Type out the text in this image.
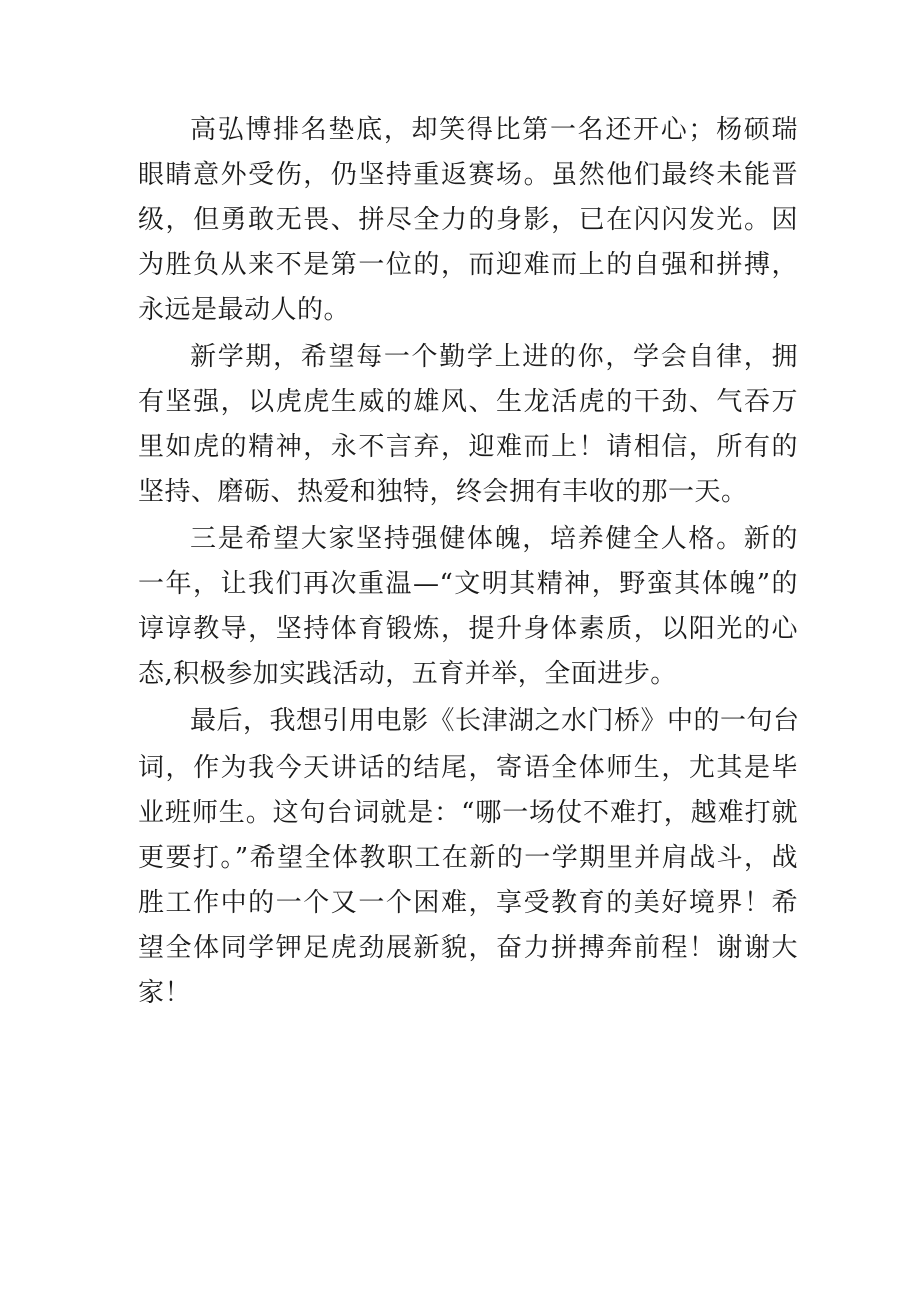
高弘博排名垫底，却笑得比第一名还开心；杨硕瑞眼睛意外受伤，仍坚持重返赛场。虽然他们最终未能晋级，但勇敢无畏、拼尽全力的身影，已在闪闪发光。因为胜负从来不是第一位的，而迎难而上的自强和拼搏，永远是最动人的。

新学期，希望每一个勤学上进的你，学会自律，拥有坚强，以虎虎生威的雄风、生龙活虎的干劲、气吞万里如虎的精神，永不言弃，迎难而上！请相信，所有的坚持、磨砺、热爱和独特，终会拥有丰收的那一天。

三是希望大家坚持强健体魄，培养健全人格。新的一年，让我们再次重温—“文明其精神，野蛮其体魄”的谆谆教导，坚持体育锻炼，提升身体素质，以阳光的心态,积极参加实践活动，五育并举，全面进步。

最后，我想引用电影《长津湖之水门桥》中的一句台

词，作为我今天讲话的结尾，寄语全体师生，尤其是毕业班师生。这句台词就是：“哪一场仗不难打，越难打就更要打。”希望全体教职工在新的一学期里并肩战斗，战胜工作中的一个又一个困难，享受教育的美好境界！希望全体同学钾足虎劲展新貌，奋力拼搏奔前程！谢谢大家！
